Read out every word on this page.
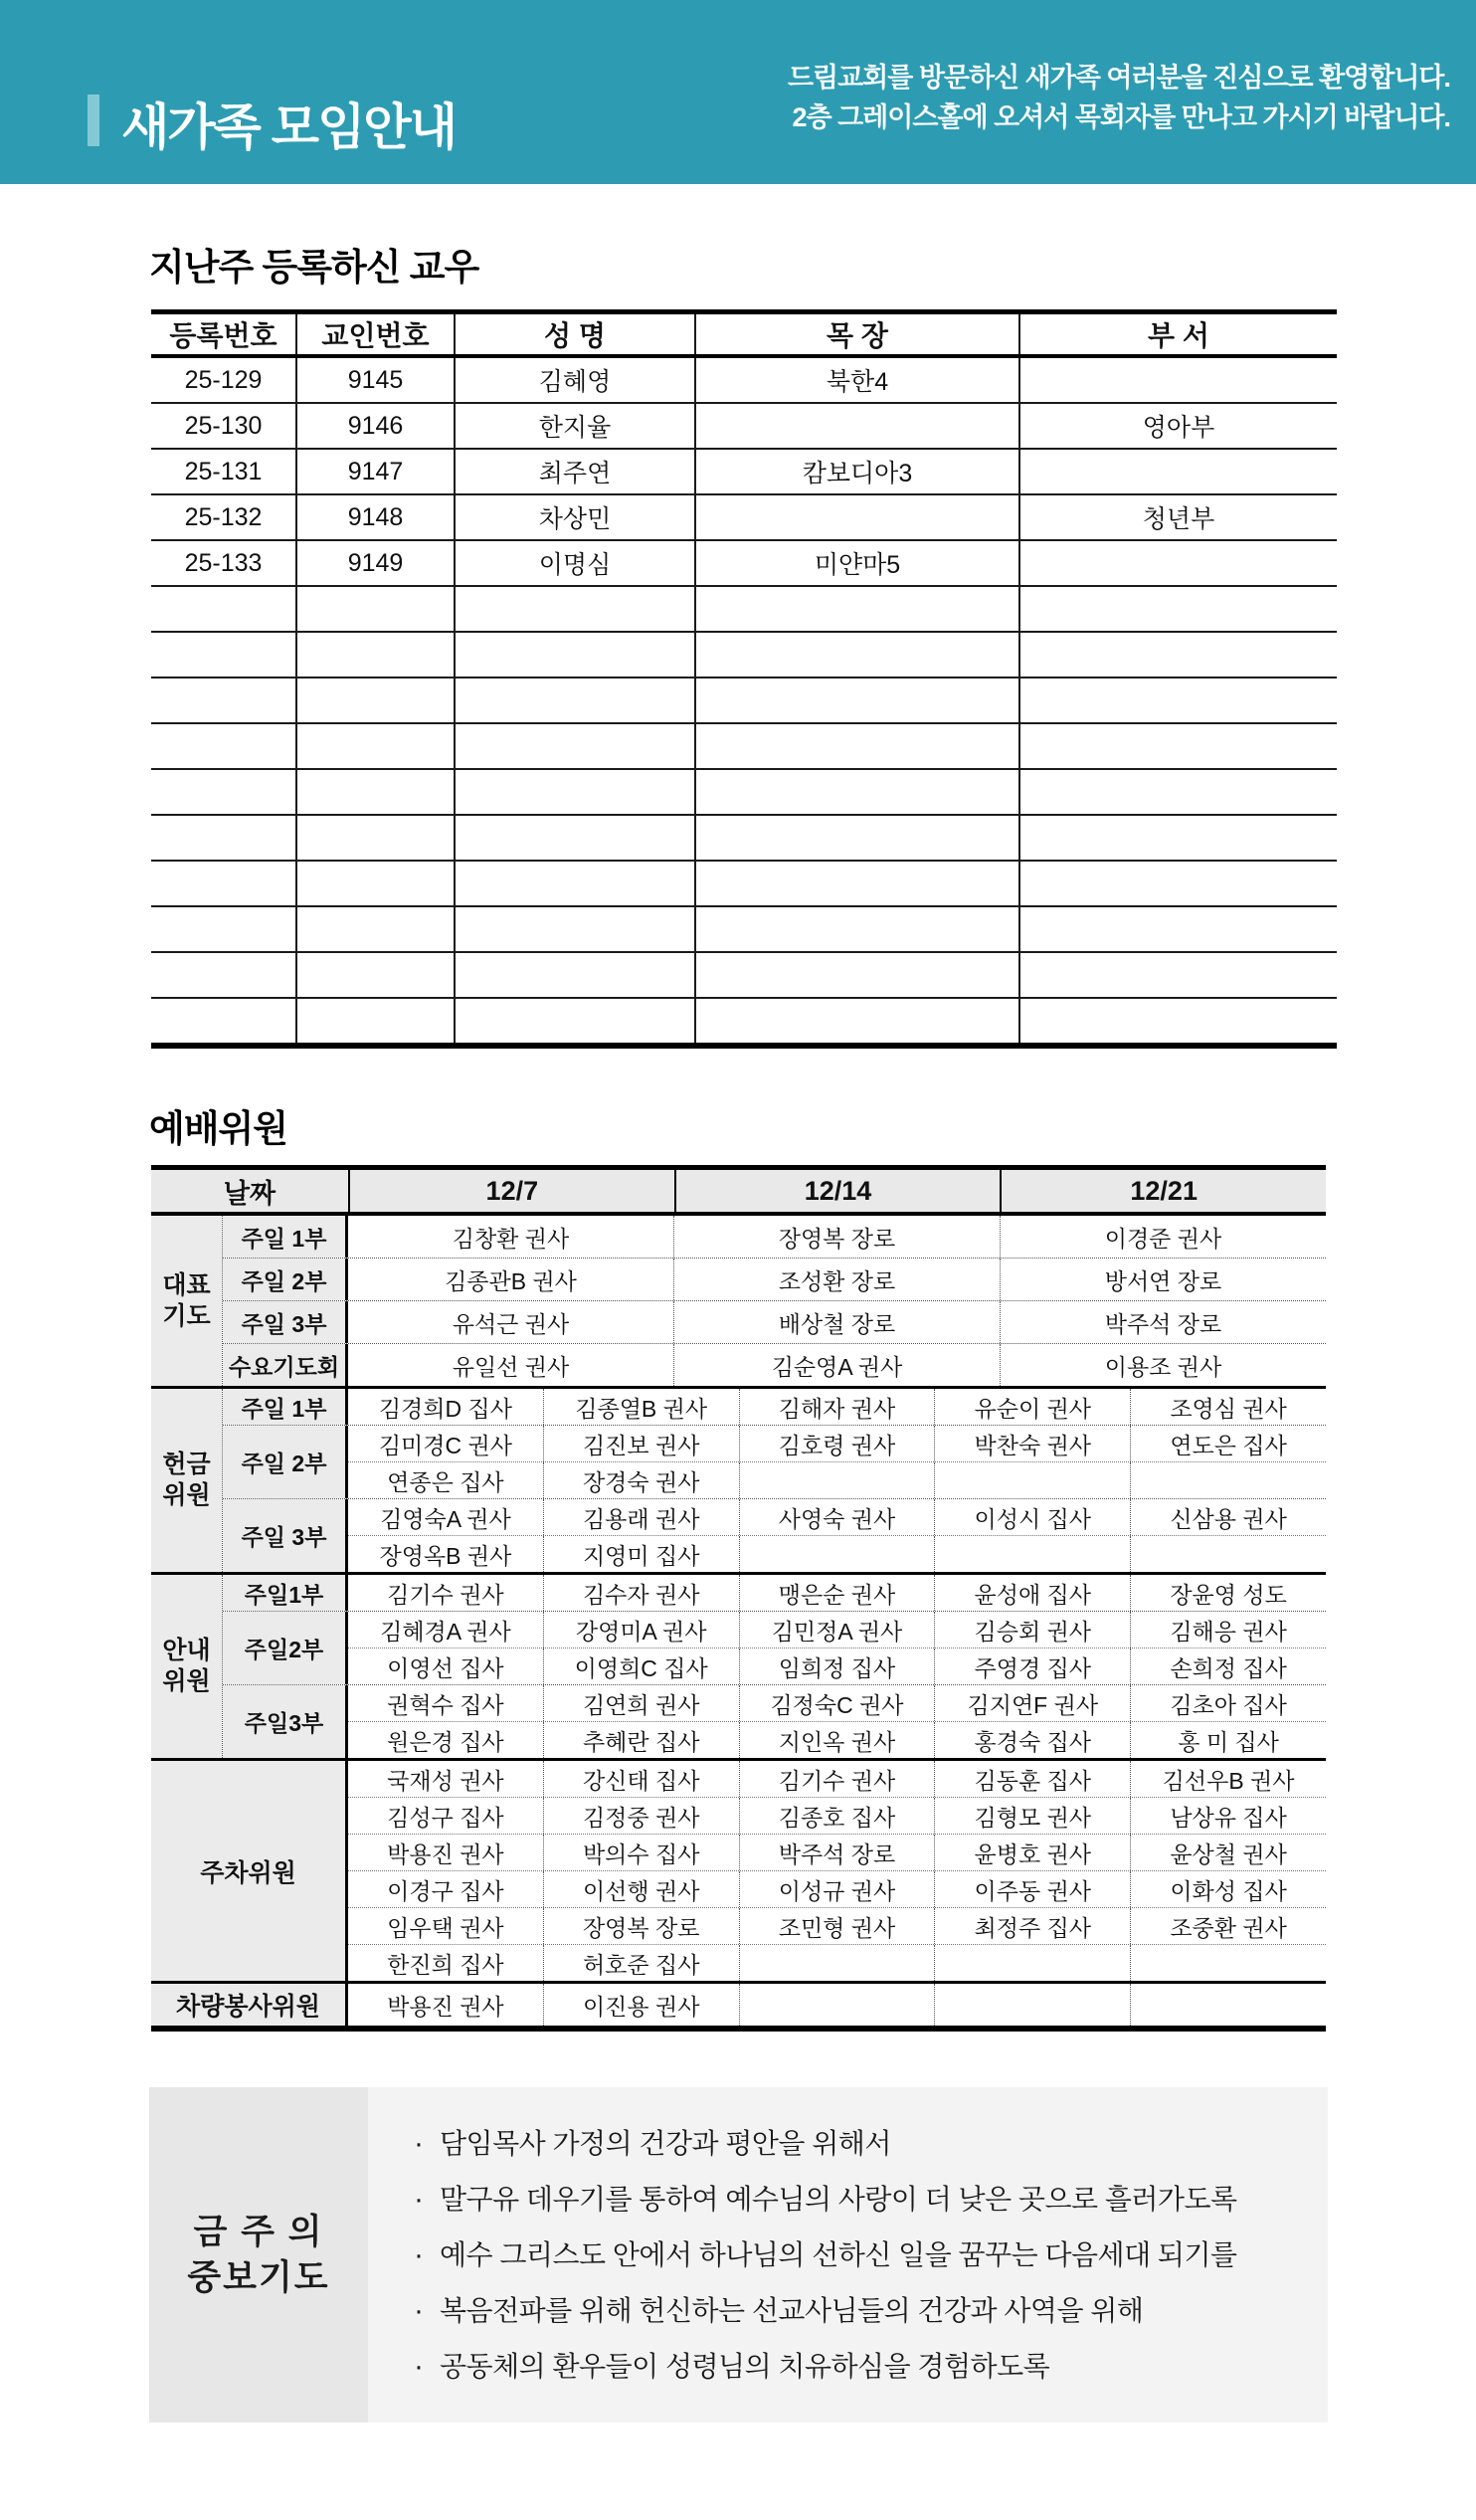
새가족 모임안내

드림교회를 방문하신 새가족 여러분을 진심으로 환영합니다.

2층 그레이스홀에 오셔서 목회자를 만나고 가시기 바랍니다.

지난주 등록하신 교우
등록번호	교인번호	성 명	목 장	부 서
25-129	9145	김혜영	북한4	
25-130	9146	한지율		영아부
25-131	9147	최주연	캄보디아3	
25-132	9148	차상민		청년부
25-133	9149	이명심	미얀마5	

예배위원
날짜	12/7	12/14	12/21
대표
기도
주일 1부	김창환 권사	장영복 장로	이경준 권사
주일 2부	김종관B 권사	조성환 장로	방서연 장로
주일 3부	유석근 권사	배상철 장로	박주석 장로
수요기도회	유일선 권사	김순영A 권사	이용조 권사
헌금
위원
주일 1부	김경희D 집사	김종열B 권사	김해자 권사	유순이 권사	조영심 권사
주일 2부
김미경C 권사	김진보 권사	김호령 권사	박찬숙 권사	연도은 집사
연종은 집사	장경숙 권사
주일 3부
김영숙A 권사	김용래 권사	사영숙 권사	이성시 집사	신삼용 권사
장영옥B 권사	지영미 집사
안내
위원
주일1부	김기수 권사	김수자 권사	맹은순 권사	윤성애 집사	장윤영 성도
주일2부
김혜경A 권사	강영미A 권사	김민정A 권사	김승회 권사	김해응 권사
이영선 집사	이영희C 집사	임희정 집사	주영경 집사	손희정 집사
주일3부
권혁수 집사	김연희 권사	김정숙C 권사	김지연F 권사	김초아 집사
원은경 집사	추혜란 집사	지인옥 권사	홍경숙 집사	홍 미 집사
주차위원
국재성 권사	강신태 집사	김기수 권사	김동훈 집사	김선우B 권사
김성구 집사	김정중 권사	김종호 집사	김형모 권사	남상유 집사
박용진 권사	박의수 집사	박주석 장로	윤병호 권사	윤상철 권사
이경구 집사	이선행 권사	이성규 권사	이주동 권사	이화성 집사
임우택 권사	장영복 장로	조민형 권사	최정주 집사	조중환 권사
한진희 집사	허호준 집사
차량봉사위원	박용진 권사	이진용 권사
금 주 의
중보기도
· 담임목사 가정의 건강과 평안을 위해서
· 말구유 데우기를 통하여 예수님의 사랑이 더 낮은 곳으로 흘러가도록
· 예수 그리스도 안에서 하나님의 선하신 일을 꿈꾸는 다음세대 되기를
· 복음전파를 위해 헌신하는 선교사님들의 건강과 사역을 위해
· 공동체의 환우들이 성령님의 치유하심을 경험하도록
